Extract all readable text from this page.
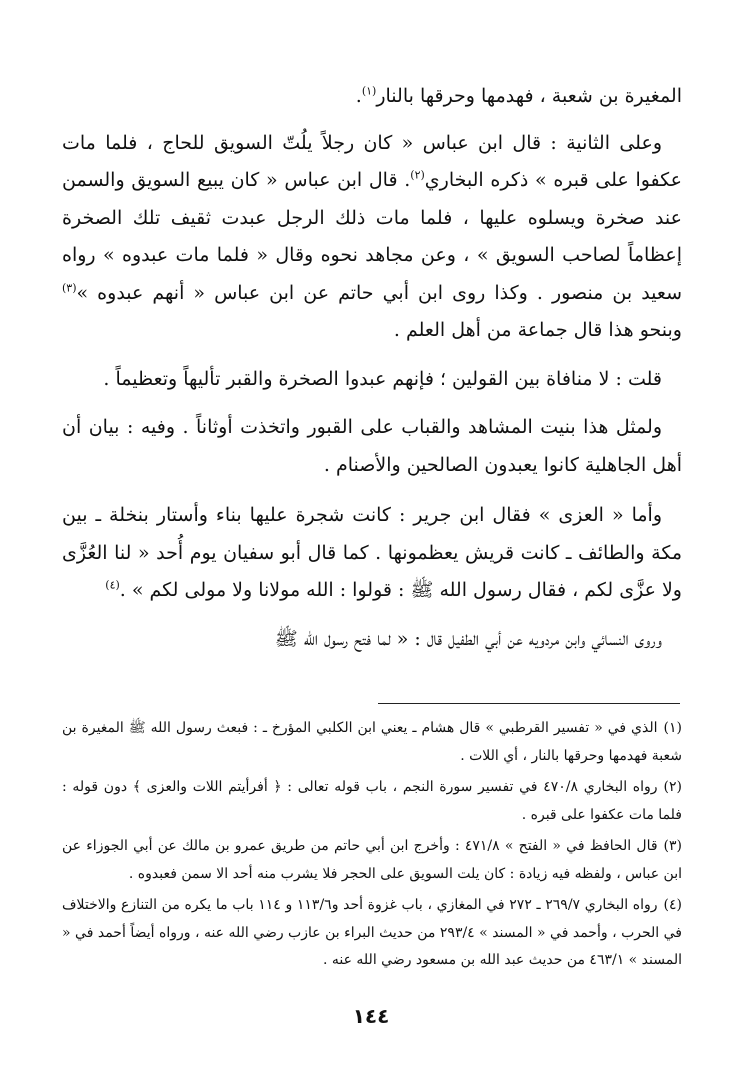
المغيرة بن شعبة ، فهدمها وحرقها بالنار$^{(١)}$.

وعلى الثانية : قال ابن عباس « كان رجلاً يلُتّ السويق للحاج ، فلما مات عكفوا على قبره » ذكره البخاري$^{(٢)}$. قال ابن عباس « كان يبيع السويق والسمن عند صخرة ويسلوه عليها ، فلما مات ذلك الرجل عبدت ثقيف تلك الصخرة إعظاماً لصاحب السويق » ، وعن مجاهد نحوه وقال « فلما مات عبدوه » رواه سعيد بن منصور . وكذا روى ابن أبي حاتم عن ابن عباس « أنهم عبدوه »$^{(٣)}$ وبنحو هذا قال جماعة من أهل العلم .

قلت : لا منافاة بين القولين ؛ فإنهم عبدوا الصخرة والقبر تأليهاً وتعظيماً .

ولمثل هذا بنيت المشاهد والقباب على القبور واتخذت أوثاناً . وفيه : بيان أن أهل الجاهلية كانوا يعبدون الصالحين والأصنام .

وأما « العزى » فقال ابن جرير : كانت شجرة عليها بناء وأستار بنخلة ـ بين مكة والطائف ـ كانت قريش يعظمونها . كما قال أبو سفيان يوم أُحد « لنا العُزَّى ولا عزَّى لكم ، فقال رسول الله ﷺ : قولوا : الله مولانا ولا مولى لكم » .$^{(٤)}$

وروى النسائي وابن مردويه عن أبي الطفيل قال : « لما فتح رسول الله ﷺ

(١)الذي في « تفسير القرطبي » قال هشام ـ يعني ابن الكلبي المؤرخ ـ : فبعث رسول الله ﷺ المغيرة بن شعبة فهدمها وحرقها بالنار ، أي اللات .

(٢)رواه البخاري ٤٧٠/٨ في تفسير سورة النجم ، باب قوله تعالى : ﴿ أفرأيتم اللات والعزى ﴾ دون قوله : فلما مات عكفوا على قبره .

(٣)قال الحافظ في « الفتح » ٤٧١/٨ : وأخرج ابن أبي حاتم من طريق عمرو بن مالك عن أبي الجوزاء عن ابن عباس ، ولفظه فيه زيادة : كان يلت السويق على الحجر فلا يشرب منه أحد الا سمن فعبدوه .

(٤)رواه البخاري ٢٦٩/٧ ـ ٢٧٢ في المغازي ، باب غزوة أحد و١١٣/٦ و ١١٤ باب ما يكره من التنازع والاختلاف في الحرب ، وأحمد في « المسند » ٢٩٣/٤ من حديث البراء بن عازب رضي الله عنه ، ورواه أيضاً أحمد في « المسند » ٤٦٣/١ من حديث عبد الله بن مسعود رضي الله عنه .

١٤٤
